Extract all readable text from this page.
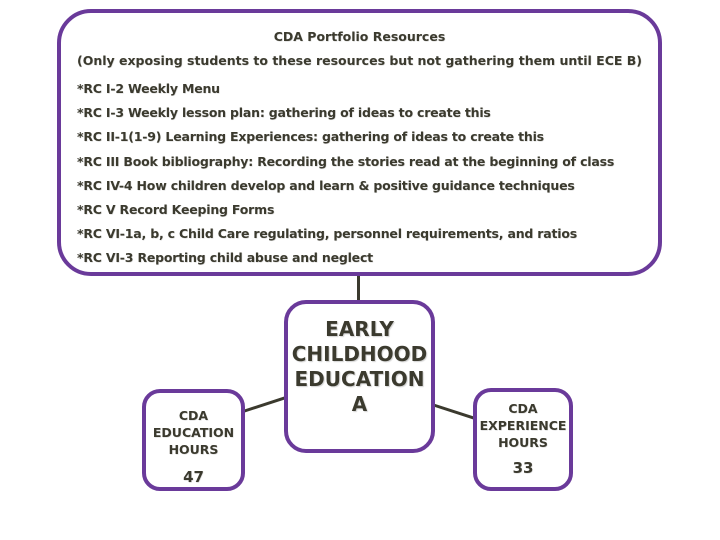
CDA Portfolio Resources
(Only exposing students to these resources but not gathering them until ECE B)
*RC I-2 Weekly Menu
*RC I-3 Weekly lesson plan: gathering of ideas to create this
*RC II-1(1-9) Learning Experiences: gathering of ideas to create this
*RC III Book bibliography: Recording the stories read at the beginning of class
*RC IV-4 How children develop and learn & positive guidance techniques
*RC V Record Keeping Forms
*RC VI-1a, b, c Child Care regulating, personnel requirements, and ratios
*RC VI-3 Reporting child abuse and neglect
EARLY
CHILDHOOD
EDUCATION
A
CDA
EDUCATION
HOURS
47
CDA
EXPERIENCE
HOURS
33
